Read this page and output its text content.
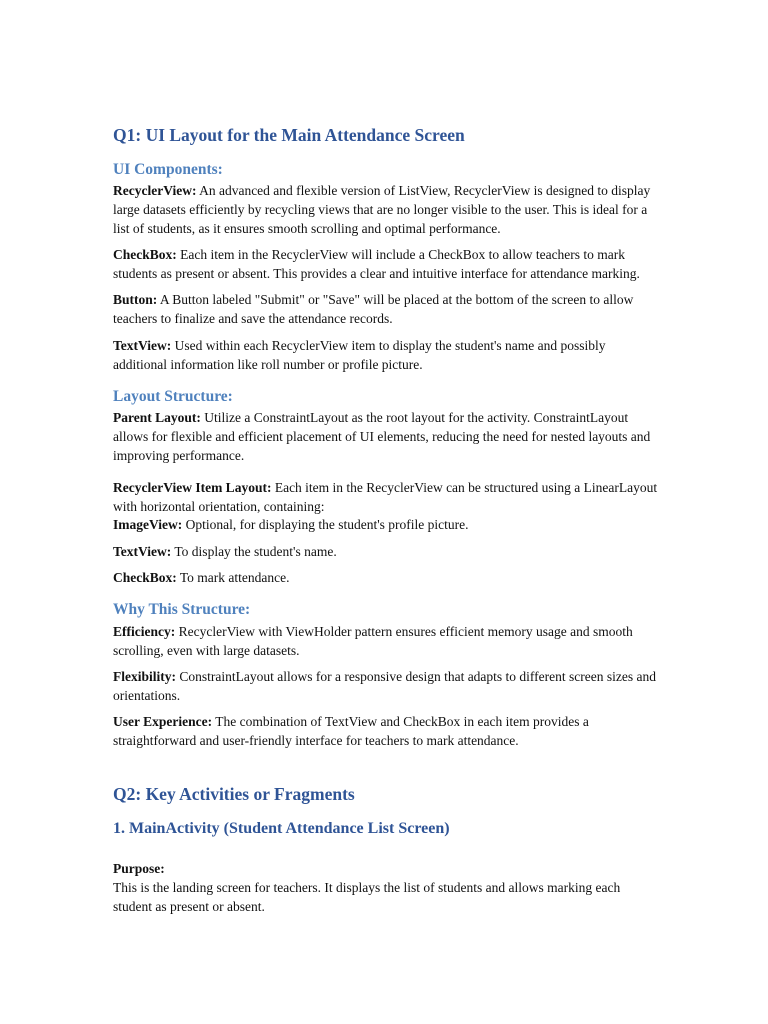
Q1: UI Layout for the Main Attendance Screen
UI Components:

RecyclerView: An advanced and flexible version of ListView, RecyclerView is designed to display large datasets efficiently by recycling views that are no longer visible to the user. This is ideal for a list of students, as it ensures smooth scrolling and optimal performance.

CheckBox: Each item in the RecyclerView will include a CheckBox to allow teachers to mark students as present or absent. This provides a clear and intuitive interface for attendance marking.

Button: A Button labeled "Submit" or "Save" will be placed at the bottom of the screen to allow teachers to finalize and save the attendance records.

TextView: Used within each RecyclerView item to display the student's name and possibly additional information like roll number or profile picture.

Layout Structure:

Parent Layout: Utilize a ConstraintLayout as the root layout for the activity. ConstraintLayout allows for flexible and efficient placement of UI elements, reducing the need for nested layouts and improving performance.

RecyclerView Item Layout: Each item in the RecyclerView can be structured using a LinearLayout with horizontal orientation, containing:

ImageView: Optional, for displaying the student's profile picture.

TextView: To display the student's name.

CheckBox: To mark attendance.

Why This Structure:

Efficiency: RecyclerView with ViewHolder pattern ensures efficient memory usage and smooth scrolling, even with large datasets.

Flexibility: ConstraintLayout allows for a responsive design that adapts to different screen sizes and orientations.

User Experience: The combination of TextView and CheckBox in each item provides a straightforward and user-friendly interface for teachers to mark attendance.

Q2: Key Activities or Fragments
1. MainActivity (Student Attendance List Screen)

Purpose:

This is the landing screen for teachers. It displays the list of students and allows marking each student as present or absent.
